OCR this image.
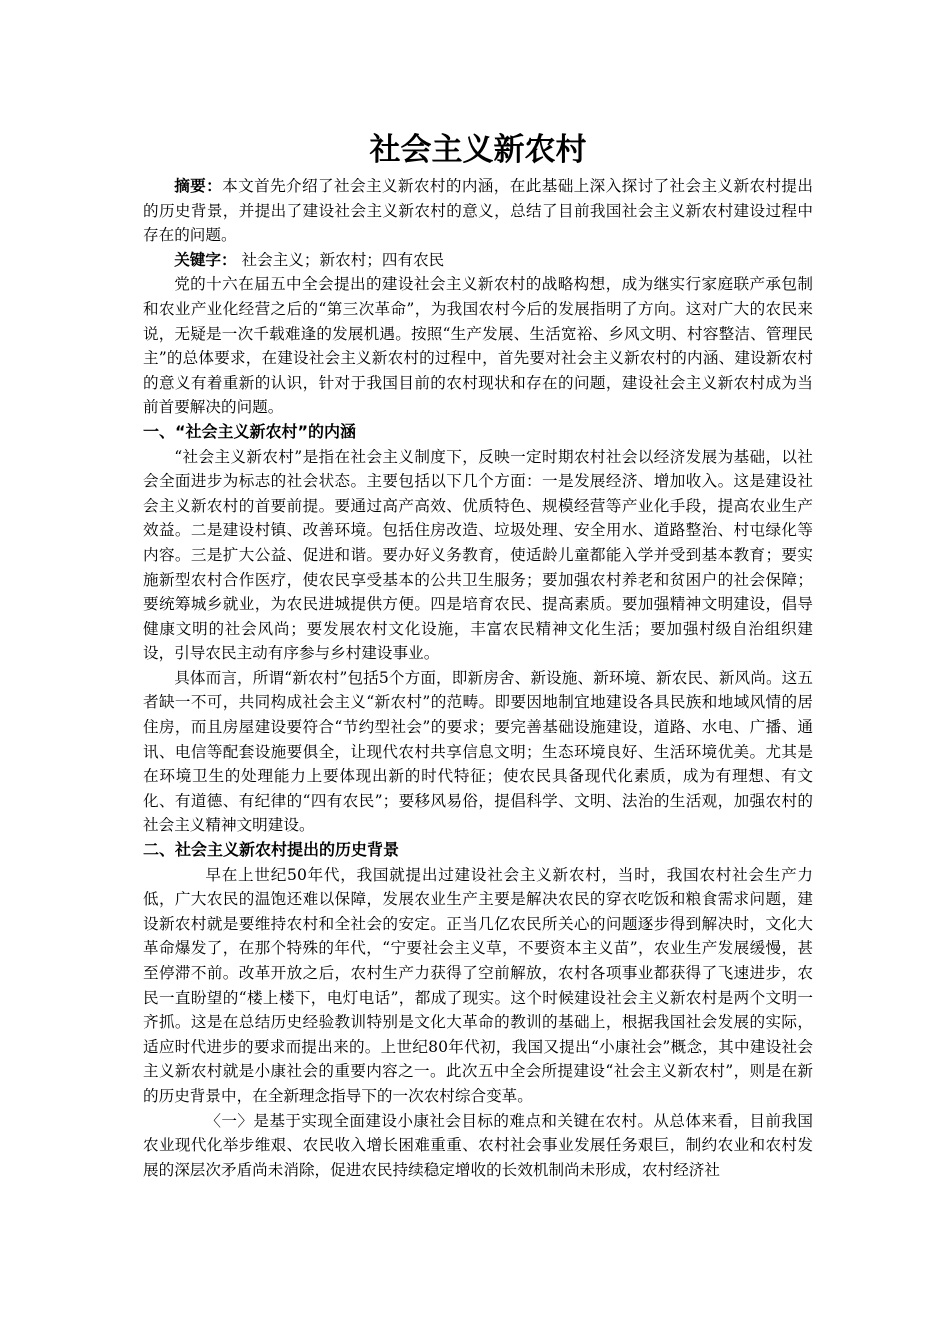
社会主义新农村

摘要：本文首先介绍了社会主义新农村的内涵，在此基础上深入探讨了社会主义新农村提出的历史背景，并提出了建设社会主义新农村的意义，总结了目前我国社会主义新农村建设过程中存在的问题。

关键字： 社会主义；新农村；四有农民

党的十六在届五中全会提出的建设社会主义新农村的战略构想，成为继实行家庭联产承包制和农业产业化经营之后的“第三次革命”，为我国农村今后的发展指明了方向。这对广大的农民来说，无疑是一次千载难逢的发展机遇。按照“生产发展、生活宽裕、乡风文明、村容整洁、管理民主”的总体要求，在建设社会主义新农村的过程中，首先要对社会主义新农村的内涵、建设新农村的意义有着重新的认识，针对于我国目前的农村现状和存在的问题，建设社会主义新农村成为当前首要解决的问题。

一、“社会主义新农村”的内涵

“社会主义新农村”是指在社会主义制度下，反映一定时期农村社会以经济发展为基础，以社会全面进步为标志的社会状态。主要包括以下几个方面：一是发展经济、增加收入。这是建设社会主义新农村的首要前提。要通过高产高效、优质特色、规模经营等产业化手段，提高农业生产效益。二是建设村镇、改善环境。包括住房改造、垃圾处理、安全用水、道路整治、村屯绿化等内容。三是扩大公益、促进和谐。要办好义务教育，使适龄儿童都能入学并受到基本教育；要实施新型农村合作医疗，使农民享受基本的公共卫生服务；要加强农村养老和贫困户的社会保障；要统筹城乡就业，为农民进城提供方便。四是培育农民、提高素质。要加强精神文明建设，倡导健康文明的社会风尚；要发展农村文化设施，丰富农民精神文化生活；要加强村级自治组织建设，引导农民主动有序参与乡村建设事业。

具体而言，所谓“新农村”包括5个方面，即新房舍、新设施、新环境、新农民、新风尚。这五者缺一不可，共同构成社会主义“新农村”的范畴。即要因地制宜地建设各具民族和地域风情的居住房，而且房屋建设要符合“节约型社会”的要求；要完善基础设施建设，道路、水电、广播、通讯、电信等配套设施要俱全，让现代农村共享信息文明；生态环境良好、生活环境优美。尤其是在环境卫生的处理能力上要体现出新的时代特征；使农民具备现代化素质，成为有理想、有文化、有道德、有纪律的“四有农民”；要移风易俗，提倡科学、文明、法治的生活观，加强农村的社会主义精神文明建设。

二、社会主义新农村提出的历史背景

早在上世纪50年代，我国就提出过建设社会主义新农村，当时，我国农村社会生产力低，广大农民的温饱还难以保障，发展农业生产主要是解决农民的穿衣吃饭和粮食需求问题，建设新农村就是要维持农村和全社会的安定。正当几亿农民所关心的问题逐步得到解决时，文化大革命爆发了，在那个特殊的年代，“宁要社会主义草，不要资本主义苗”，农业生产发展缓慢，甚至停滞不前。改革开放之后，农村生产力获得了空前解放，农村各项事业都获得了飞速进步，农民一直盼望的“楼上楼下，电灯电话”，都成了现实。这个时候建设社会主义新农村是两个文明一齐抓。这是在总结历史经验教训特别是文化大革命的教训的基础上，根据我国社会发展的实际，适应时代进步的要求而提出来的。上世纪80年代初，我国又提出“小康社会”概念，其中建设社会主义新农村就是小康社会的重要内容之一。此次五中全会所提建设“社会主义新农村”，则是在新的历史背景中，在全新理念指导下的一次农村综合变革。

〈一〉是基于实现全面建设小康社会目标的难点和关键在农村。从总体来看，目前我国农业现代化举步维艰、农民收入增长困难重重、农村社会事业发展任务艰巨，制约农业和农村发展的深层次矛盾尚未消除，促进农民持续稳定增收的长效机制尚未形成，农村经济社
